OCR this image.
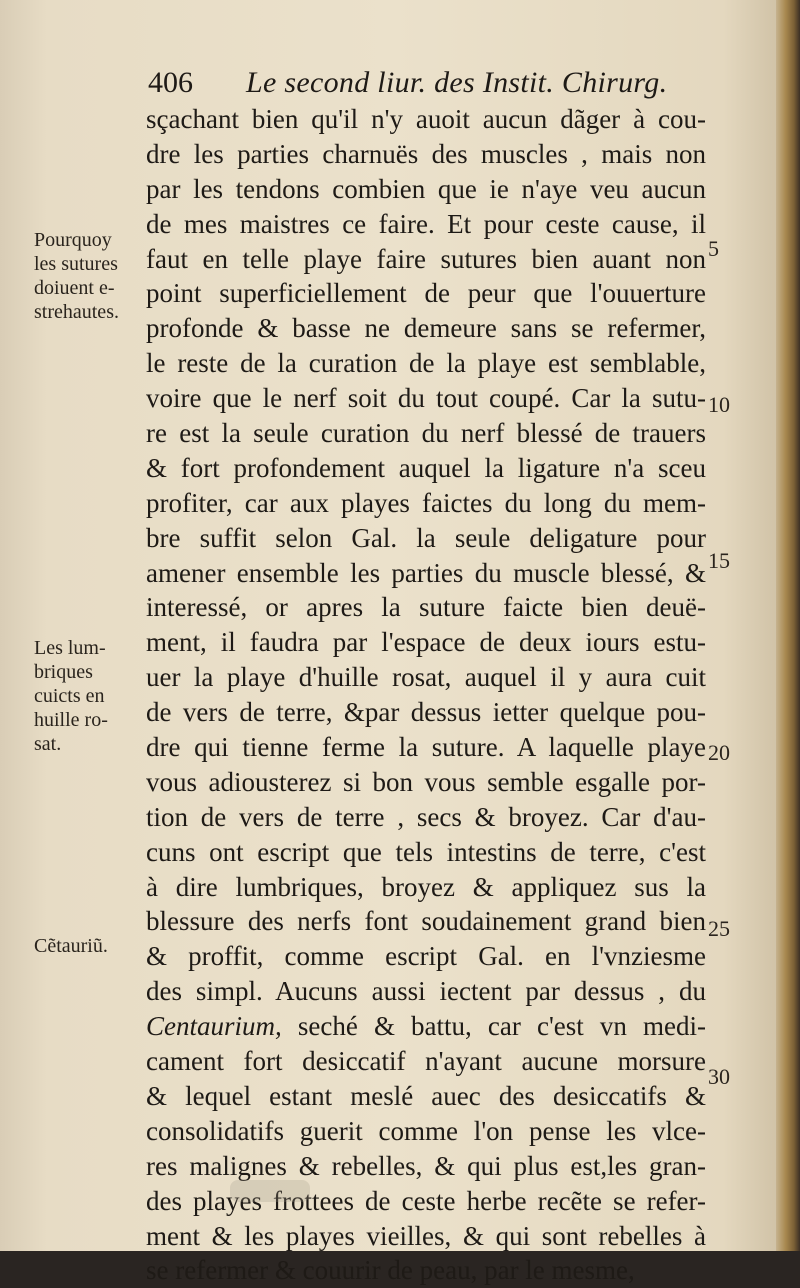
406 Le second liur. des Instit. Chirurg.
sçachant bien qu'il n'y auoit aucun dãger à cou-
dre les parties charnuës des muscles , mais non
par les tendons combien que ie n'aye veu aucun
de mes maistres ce faire. Et pour ceste cause, il
faut en telle playe faire sutures bien auant non
point superficiellement de peur que l'ouuerture
profonde & basse ne demeure sans se refermer,
le reste de la curation de la playe est semblable,
voire que le nerf soit du tout coupé. Car la sutu-
re est la seule curation du nerf blessé de trauers
& fort profondement auquel la ligature n'a sceu
profiter, car aux playes faictes du long du mem-
bre suffit selon Gal. la seule deligature pour
amener ensemble les parties du muscle blessé, &
interessé, or apres la suture faicte bien deuë-
ment, il faudra par l'espace de deux iours estu-
uer la playe d'huille rosat, auquel il y aura cuit
de vers de terre, &par dessus ietter quelque pou-
dre qui tienne ferme la suture. A laquelle playe
vous adiousterez si bon vous semble esgalle por-
tion de vers de terre , secs & broyez. Car d'au-
cuns ont escript que tels intestins de terre, c'est
à dire lumbriques, broyez & appliquez sus la
blessure des nerfs font soudainement grand bien
& proffit, comme escript Gal. en l'vnziesme
des simpl. Aucuns aussi iectent par dessus , du
Centaurium, seché & battu, car c'est vn medi-
cament fort desiccatif n'ayant aucune morsure
& lequel estant meslé auec des desiccatifs &
consolidatifs guerit comme l'on pense les vlce-
res malignes & rebelles, & qui plus est,les gran-
des playes frottees de ceste herbe recẽte se refer-
ment & les playes vieilles, & qui sont rebelles à
se refermer & couurir de peau, par le mesme,
Pourquoy
les sutures
doiuent e-
strehautes.
Les lum-
briques
cuicts en
huille ro-
sat.
Cẽtauriũ.
5
10
15
20
25
30
